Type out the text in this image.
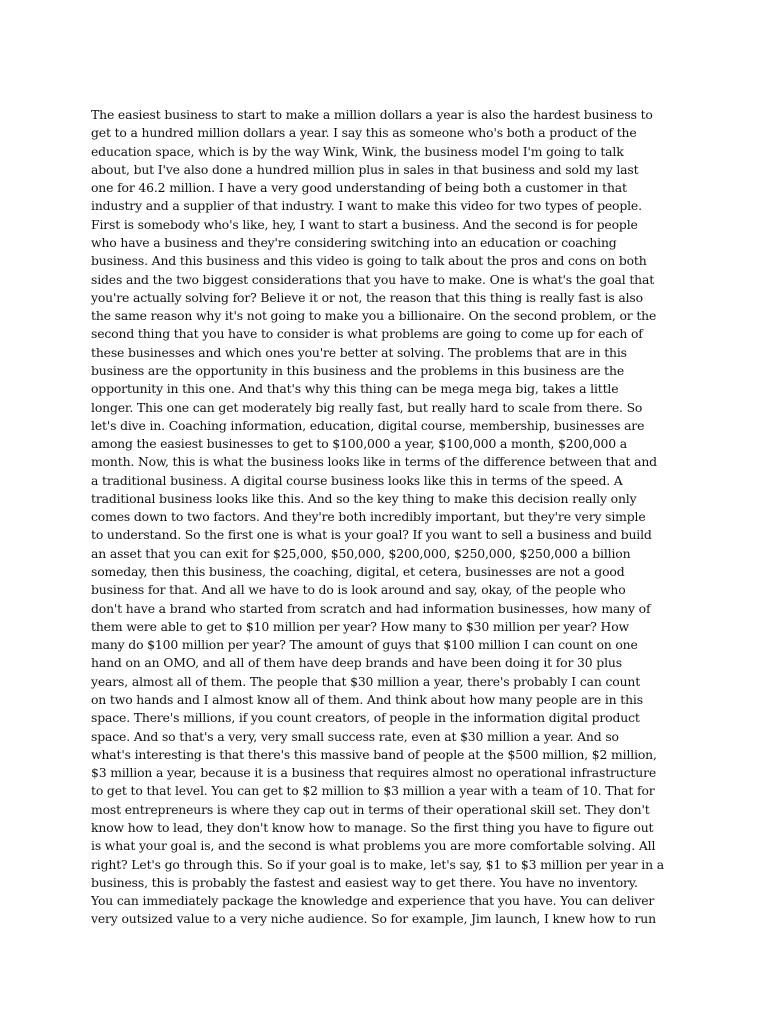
The easiest business to start to make a million dollars a year is also the hardest business to
get to a hundred million dollars a year. I say this as someone who's both a product of the
education space, which is by the way Wink, Wink, the business model I'm going to talk
about, but I've also done a hundred million plus in sales in that business and sold my last
one for 46.2 million. I have a very good understanding of being both a customer in that
industry and a supplier of that industry. I want to make this video for two types of people.
First is somebody who's like, hey, I want to start a business. And the second is for people
who have a business and they're considering switching into an education or coaching
business. And this business and this video is going to talk about the pros and cons on both
sides and the two biggest considerations that you have to make. One is what's the goal that
you're actually solving for? Believe it or not, the reason that this thing is really fast is also
the same reason why it's not going to make you a billionaire. On the second problem, or the
second thing that you have to consider is what problems are going to come up for each of
these businesses and which ones you're better at solving. The problems that are in this
business are the opportunity in this business and the problems in this business are the
opportunity in this one. And that's why this thing can be mega mega big, takes a little
longer. This one can get moderately big really fast, but really hard to scale from there. So
let's dive in. Coaching information, education, digital course, membership, businesses are
among the easiest businesses to get to $100,000 a year, $100,000 a month, $200,000 a
month. Now, this is what the business looks like in terms of the difference between that and
a traditional business. A digital course business looks like this in terms of the speed. A
traditional business looks like this. And so the key thing to make this decision really only
comes down to two factors. And they're both incredibly important, but they're very simple
to understand. So the first one is what is your goal? If you want to sell a business and build
an asset that you can exit for $25,000, $50,000, $200,000, $250,000, $250,000 a billion
someday, then this business, the coaching, digital, et cetera, businesses are not a good
business for that. And all we have to do is look around and say, okay, of the people who
don't have a brand who started from scratch and had information businesses, how many of
them were able to get to $10 million per year? How many to $30 million per year? How
many do $100 million per year? The amount of guys that $100 million I can count on one
hand on an OMO, and all of them have deep brands and have been doing it for 30 plus
years, almost all of them. The people that $30 million a year, there's probably I can count
on two hands and I almost know all of them. And think about how many people are in this
space. There's millions, if you count creators, of people in the information digital product
space. And so that's a very, very small success rate, even at $30 million a year. And so
what's interesting is that there's this massive band of people at the $500 million, $2 million,
$3 million a year, because it is a business that requires almost no operational infrastructure
to get to that level. You can get to $2 million to $3 million a year with a team of 10. That for
most entrepreneurs is where they cap out in terms of their operational skill set. They don't
know how to lead, they don't know how to manage. So the first thing you have to figure out
is what your goal is, and the second is what problems you are more comfortable solving. All
right? Let's go through this. So if your goal is to make, let's say, $1 to $3 million per year in a
business, this is probably the fastest and easiest way to get there. You have no inventory.
You can immediately package the knowledge and experience that you have. You can deliver
very outsized value to a very niche audience. So for example, Jim launch, I knew how to run
